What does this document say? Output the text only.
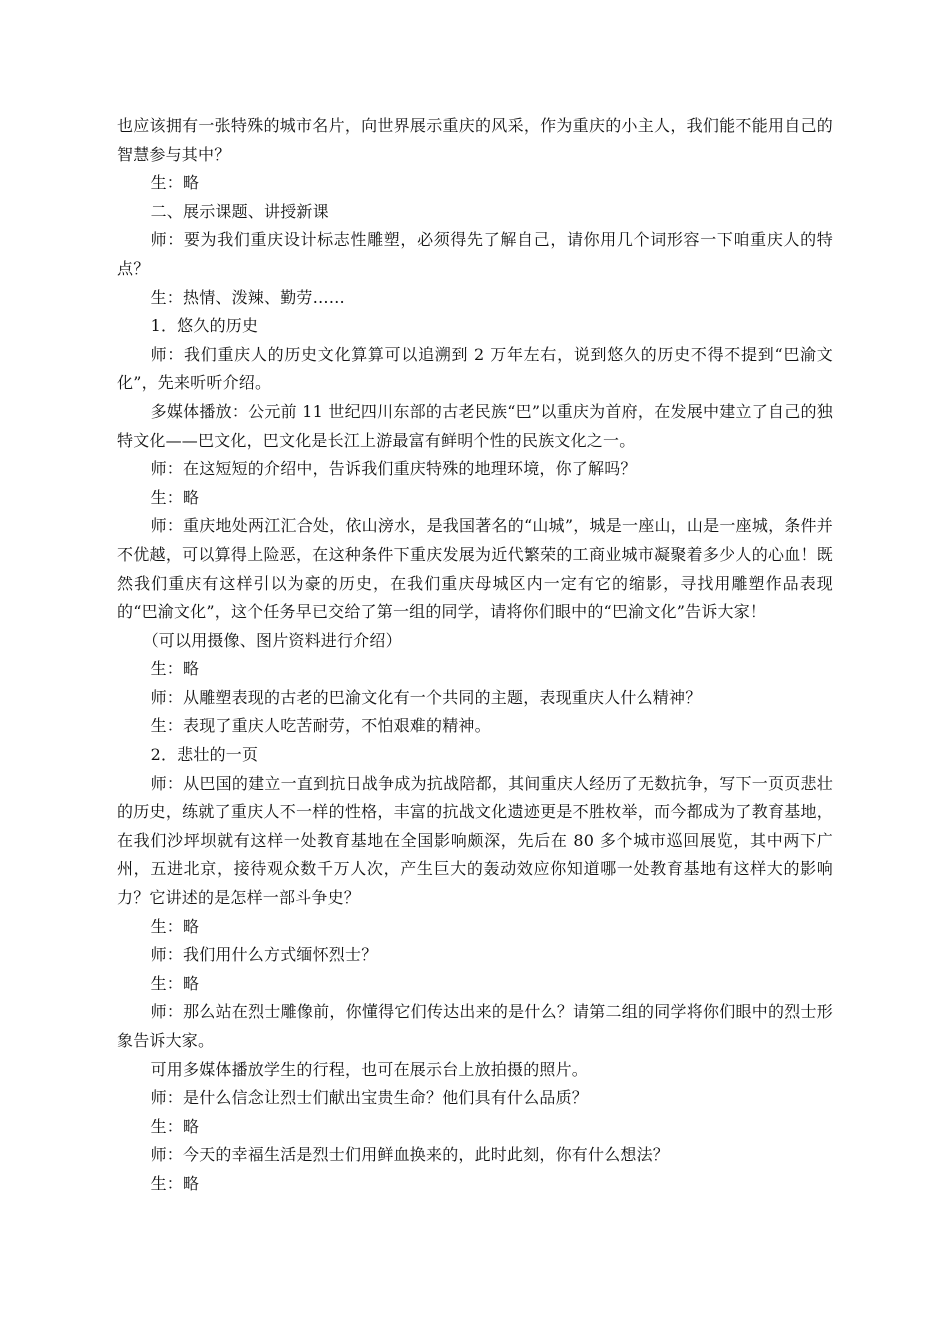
也应该拥有一张特殊的城市名片，向世界展示重庆的风采，作为重庆的小主人，我们能不能用自己的智慧参与其中？

生：略

二、展示课题、讲授新课

师：要为我们重庆设计标志性雕塑，必须得先了解自己，请你用几个词形容一下咱重庆人的特点？

生：热情、泼辣、勤劳……

1．悠久的历史

师：我们重庆人的历史文化算算可以追溯到 2 万年左右，说到悠久的历史不得不提到“巴渝文化”，先来听听介绍。

多媒体播放：公元前 11 世纪四川东部的古老民族“巴”以重庆为首府，在发展中建立了自己的独特文化——巴文化，巴文化是长江上游最富有鲜明个性的民族文化之一。

师：在这短短的介绍中，告诉我们重庆特殊的地理环境，你了解吗？

生：略

师：重庆地处两江汇合处，依山滂水，是我国著名的“山城”，城是一座山，山是一座城，条件并不优越，可以算得上险恶，在这种条件下重庆发展为近代繁荣的工商业城市凝聚着多少人的心血！既然我们重庆有这样引以为豪的历史，在我们重庆母城区内一定有它的缩影，寻找用雕塑作品表现的“巴渝文化”，这个任务早已交给了第一组的同学，请将你们眼中的“巴渝文化”告诉大家！

（可以用摄像、图片资料进行介绍）

生：略

师：从雕塑表现的古老的巴渝文化有一个共同的主题，表现重庆人什么精神？

生：表现了重庆人吃苦耐劳，不怕艰难的精神。

2．悲壮的一页

师：从巴国的建立一直到抗日战争成为抗战陪都，其间重庆人经历了无数抗争，写下一页页悲壮的历史，练就了重庆人不一样的性格，丰富的抗战文化遗迹更是不胜枚举，而今都成为了教育基地，在我们沙坪坝就有这样一处教育基地在全国影响颇深，先后在 80 多个城市巡回展览，其中两下广州，五进北京，接待观众数千万人次，产生巨大的轰动效应你知道哪一处教育基地有这样大的影响力？它讲述的是怎样一部斗争史？

生：略

师：我们用什么方式缅怀烈士？

生：略

师：那么站在烈士雕像前，你懂得它们传达出来的是什么？请第二组的同学将你们眼中的烈士形象告诉大家。

可用多媒体播放学生的行程，也可在展示台上放拍摄的照片。

师：是什么信念让烈士们献出宝贵生命？他们具有什么品质？

生：略

师：今天的幸福生活是烈士们用鲜血换来的，此时此刻，你有什么想法？

生：略
